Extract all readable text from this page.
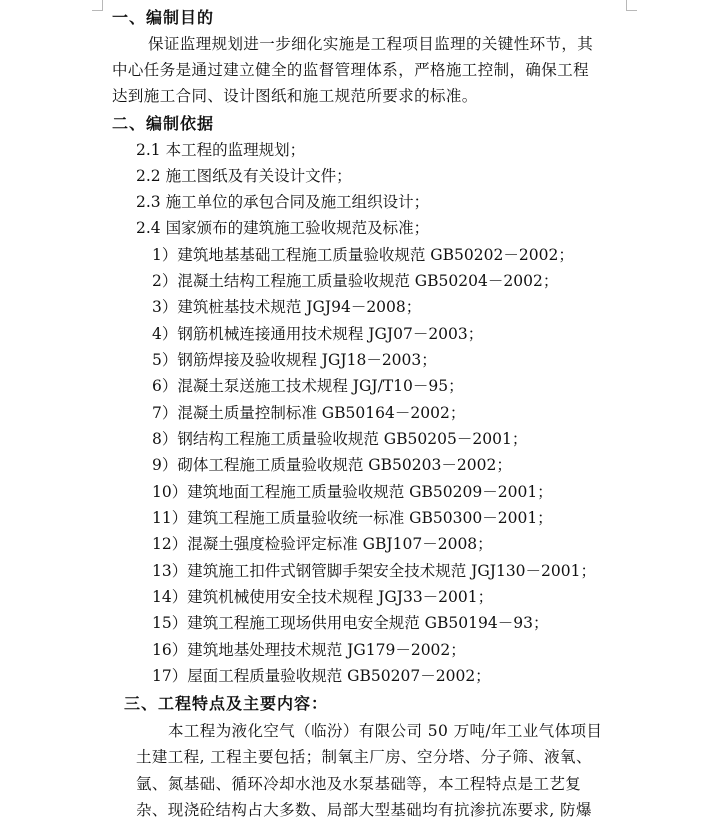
一、编制目的
保证监理规划进一步细化实施是工程项目监理的关键性环节，其
中心任务是通过建立健全的监督管理体系，严格施工控制，确保工程
达到施工合同、设计图纸和施工规范所要求的标准。
二、编制依据
2.1 本工程的监理规划；
2.2 施工图纸及有关设计文件；
2.3 施工单位的承包合同及施工组织设计；
2.4 国家颁布的建筑施工验收规范及标准；
1）建筑地基基础工程施工质量验收规范 GB50202－2002；
2）混凝土结构工程施工质量验收规范 GB50204－2002；
3）建筑桩基技术规范 JGJ94－2008；
4）钢筋机械连接通用技术规程 JGJ07－2003；
5）钢筋焊接及验收规程 JGJ18－2003；
6）混凝土泵送施工技术规程 JGJ/T10－95；
7）混凝土质量控制标准 GB50164－2002；
8）钢结构工程施工质量验收规范 GB50205－2001；
9）砌体工程施工质量验收规范 GB50203－2002；
10）建筑地面工程施工质量验收规范 GB50209－2001；
11）建筑工程施工质量验收统一标准 GB50300－2001；
12）混凝土强度检验评定标准 GBJ107－2008；
13）建筑施工扣件式钢管脚手架安全技术规范 JGJ130－2001；
14）建筑机械使用安全技术规程 JGJ33－2001；
15）建筑工程施工现场供用电安全规范 GB50194－93；
16）建筑地基处理技术规范 JG179－2002；
17）屋面工程质量验收规范 GB50207－2002；
三、工程特点及主要内容：
本工程为液化空气（临汾）有限公司 50 万吨/年工业气体项目
土建工程, 工程主要包括；制氧主厂房、空分塔、分子筛、液氧、
氩、氮基础、循环冷却水池及水泵基础等，本工程特点是工艺复
杂、现浇砼结构占大多数、局部大型基础均有抗渗抗冻要求, 防爆
